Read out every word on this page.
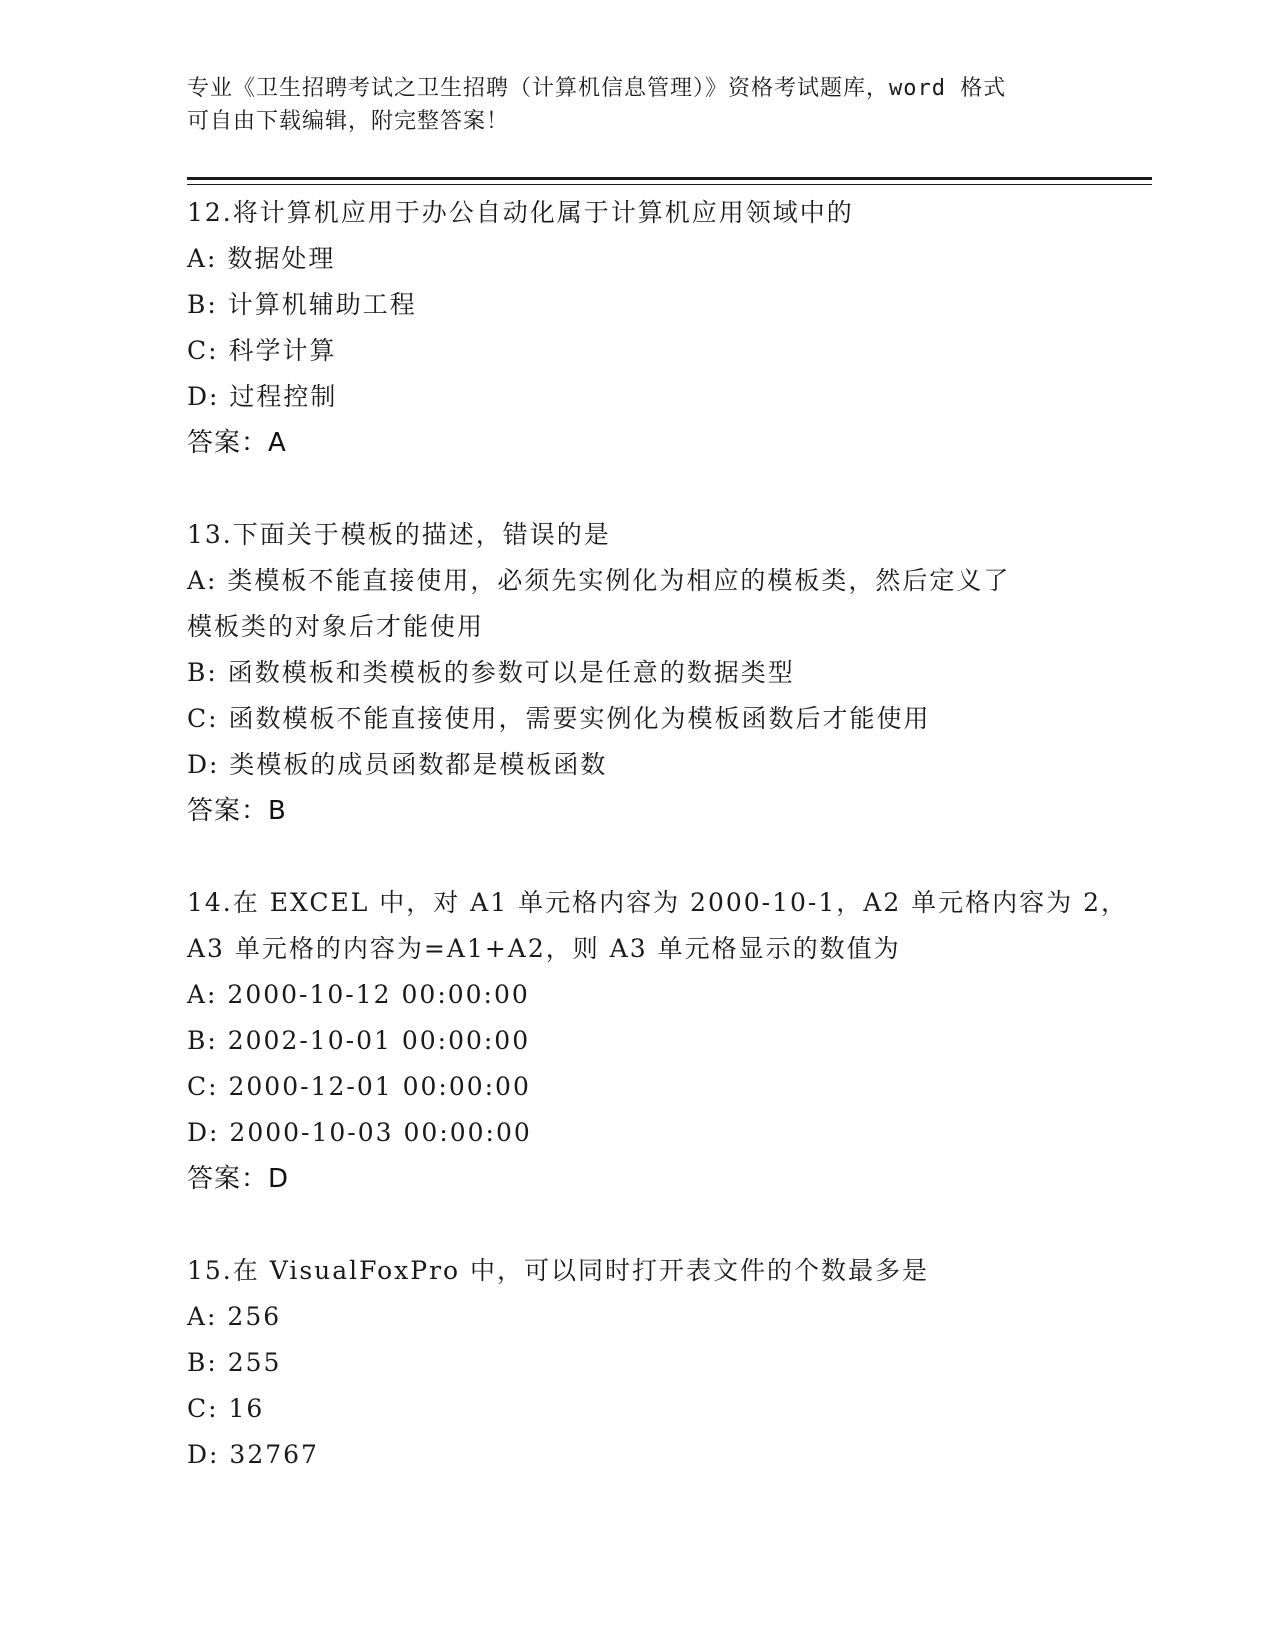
专业《卫生招聘考试之卫生招聘（计算机信息管理）》资格考试题库，word 格式
可自由下载编辑，附完整答案！
12.将计算机应用于办公自动化属于计算机应用领域中的
A: 数据处理
B: 计算机辅助工程
C: 科学计算
D: 过程控制
答案：A
13.下面关于模板的描述，错误的是
A: 类模板不能直接使用，必须先实例化为相应的模板类，然后定义了
模板类的对象后才能使用
B: 函数模板和类模板的参数可以是任意的数据类型
C: 函数模板不能直接使用，需要实例化为模板函数后才能使用
D: 类模板的成员函数都是模板函数
答案：B
14.在 EXCEL 中，对 A1 单元格内容为 2000-10-1，A2 单元格内容为 2，
A3 单元格的内容为=A1+A2，则 A3 单元格显示的数值为
A: 2000-10-12 00:00:00
B: 2002-10-01 00:00:00
C: 2000-12-01 00:00:00
D: 2000-10-03 00:00:00
答案：D
15.在 VisualFoxPro 中，可以同时打开表文件的个数最多是
A: 256
B: 255
C: 16
D: 32767
